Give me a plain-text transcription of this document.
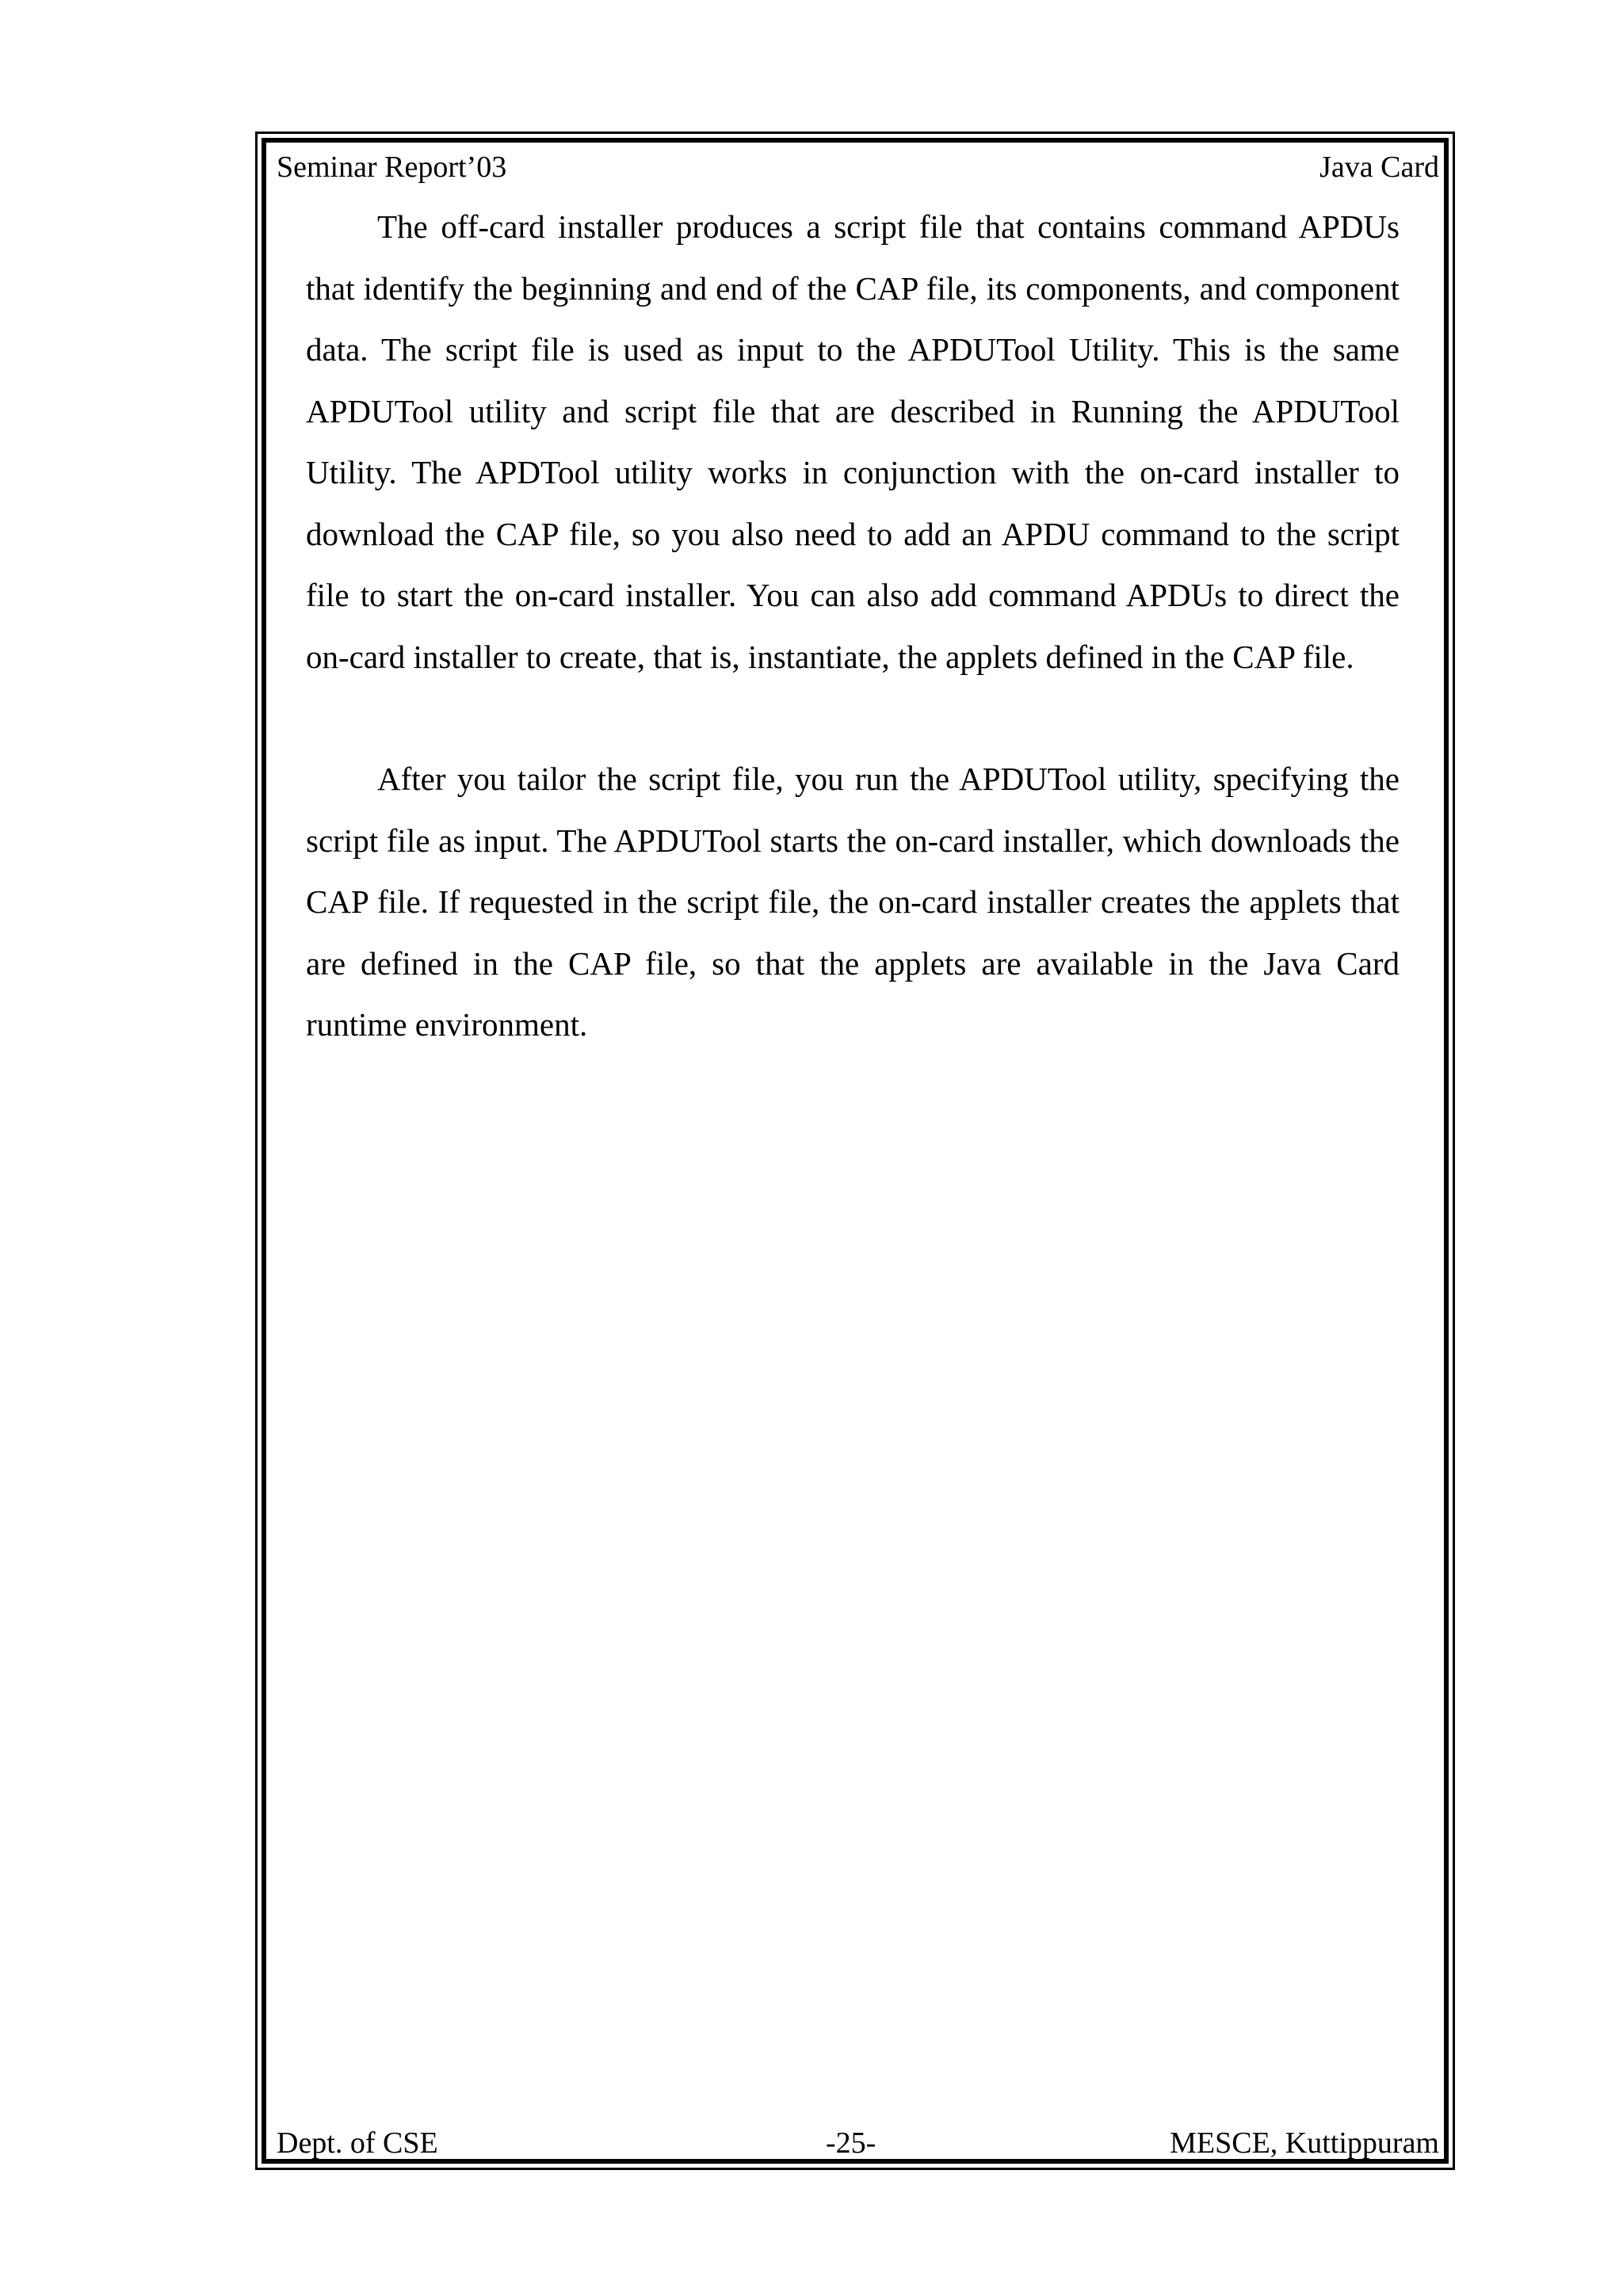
Seminar Report’03	Java Card

The off-card installer produces a script file that contains command APDUs that identify the beginning and end of the CAP file, its components, and component data. The script file is used as input to the APDUTool Utility. This is the same APDUTool utility and script file that are described in Running the APDUTool Utility. The APDTool utility works in conjunction with the on-card installer to download the CAP file, so you also need to add an APDU command to the script file to start the on-card installer. You can also add command APDUs to direct the on-card installer to create, that is, instantiate, the applets defined in the CAP file.

After you tailor the script file, you run the APDUTool utility, specifying the script file as input. The APDUTool starts the on-card installer, which downloads the CAP file. If requested in the script file, the on-card installer creates the applets that are defined in the CAP file, so that the applets are available in the Java Card runtime environment.

Dept. of CSE	-25-	MESCE, Kuttippuram
